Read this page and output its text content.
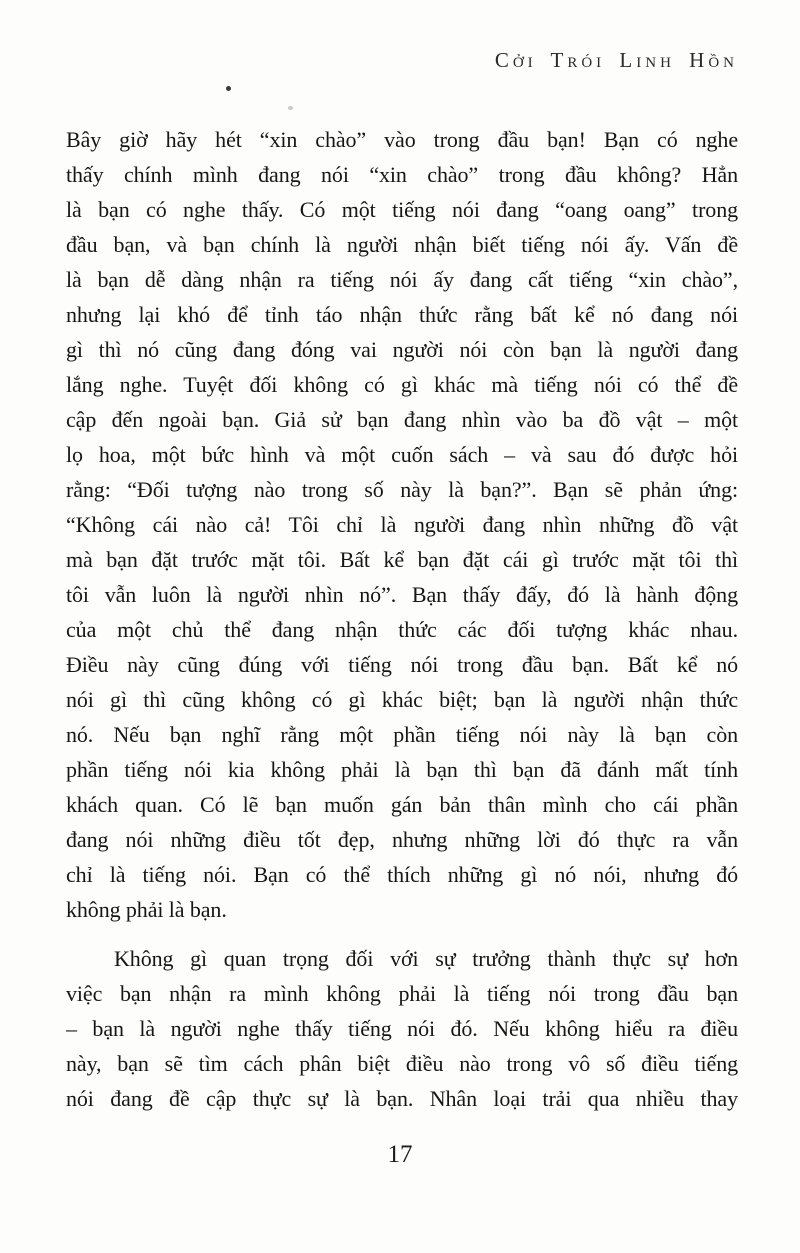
Cởi Trói Linh Hồn
Bây giờ hãy hét “xin chào” vào trong đầu bạn! Bạn có nghe
thấy chính mình đang nói “xin chào” trong đầu không? Hẳn
là bạn có nghe thấy. Có một tiếng nói đang “oang oang” trong
đầu bạn, và bạn chính là người nhận biết tiếng nói ấy. Vấn đề
là bạn dễ dàng nhận ra tiếng nói ấy đang cất tiếng “xin chào”,
nhưng lại khó để tỉnh táo nhận thức rằng bất kể nó đang nói
gì thì nó cũng đang đóng vai người nói còn bạn là người đang
lắng nghe. Tuyệt đối không có gì khác mà tiếng nói có thể đề
cập đến ngoài bạn. Giả sử bạn đang nhìn vào ba đồ vật – một
lọ hoa, một bức hình và một cuốn sách – và sau đó được hỏi
rằng: “Đối tượng nào trong số này là bạn?”. Bạn sẽ phản ứng:
“Không cái nào cả! Tôi chỉ là người đang nhìn những đồ vật
mà bạn đặt trước mặt tôi. Bất kể bạn đặt cái gì trước mặt tôi thì
tôi vẫn luôn là người nhìn nó”. Bạn thấy đấy, đó là hành động
của một chủ thể đang nhận thức các đối tượng khác nhau.
Điều này cũng đúng với tiếng nói trong đầu bạn. Bất kể nó
nói gì thì cũng không có gì khác biệt; bạn là người nhận thức
nó. Nếu bạn nghĩ rằng một phần tiếng nói này là bạn còn
phần tiếng nói kia không phải là bạn thì bạn đã đánh mất tính
khách quan. Có lẽ bạn muốn gán bản thân mình cho cái phần
đang nói những điều tốt đẹp, nhưng những lời đó thực ra vẫn
chỉ là tiếng nói. Bạn có thể thích những gì nó nói, nhưng đó
không phải là bạn.
Không gì quan trọng đối với sự trưởng thành thực sự hơn
việc bạn nhận ra mình không phải là tiếng nói trong đầu bạn
– bạn là người nghe thấy tiếng nói đó. Nếu không hiểu ra điều
này, bạn sẽ tìm cách phân biệt điều nào trong vô số điều tiếng
nói đang đề cập thực sự là bạn. Nhân loại trải qua nhiều thay
17
